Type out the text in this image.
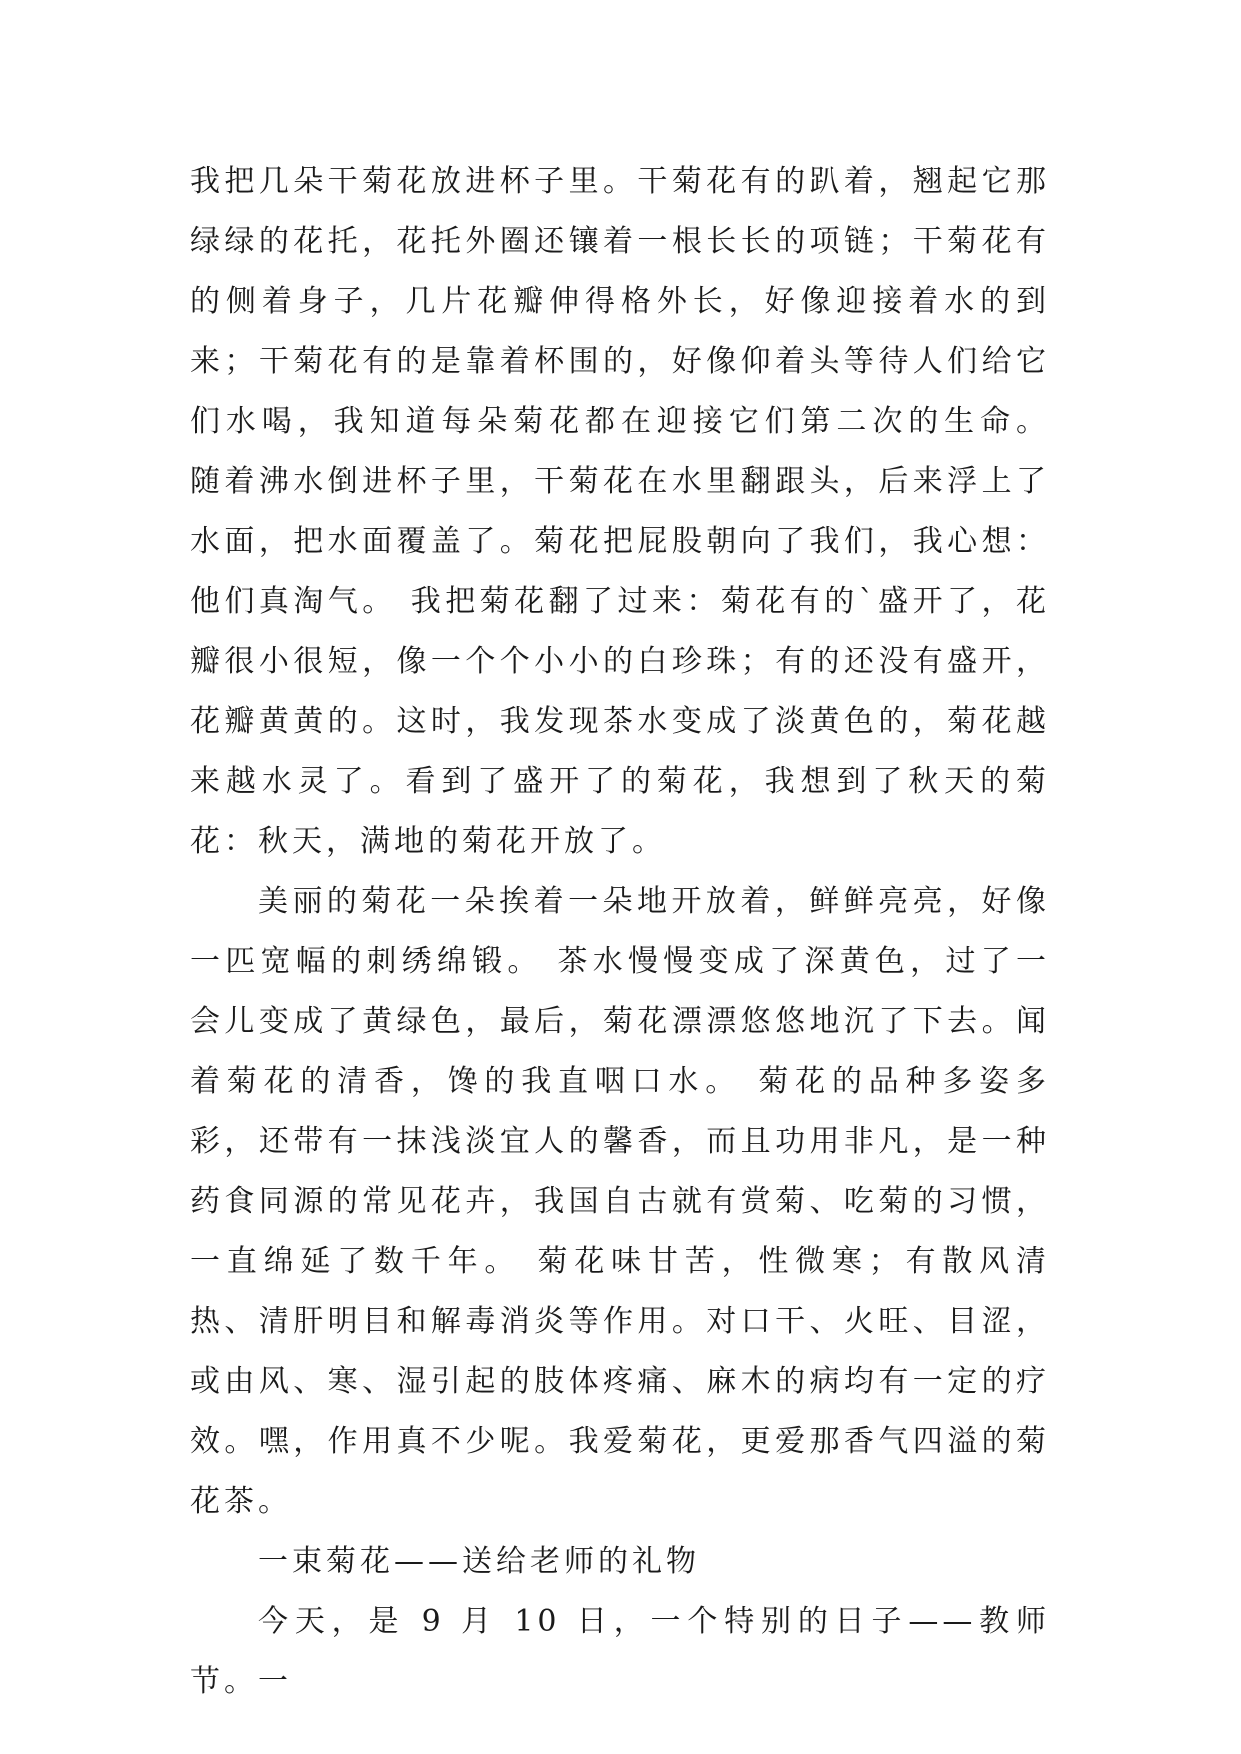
我把几朵干菊花放进杯子里。干菊花有的趴着，翘起它那绿绿的花托，花托外圈还镶着一根长长的项链；干菊花有的侧着身子，几片花瓣伸得格外长，好像迎接着水的到来；干菊花有的是靠着杯围的，好像仰着头等待人们给它们水喝，我知道每朵菊花都在迎接它们第二次的生命。 随着沸水倒进杯子里，干菊花在水里翻跟头，后来浮上了水面，把水面覆盖了。菊花把屁股朝向了我们，我心想：他们真淘气。 我把菊花翻了过来：菊花有的`盛开了，花瓣很小很短，像一个个小小的白珍珠；有的还没有盛开，花瓣黄黄的。这时，我发现茶水变成了淡黄色的，菊花越来越水灵了。看到了盛开了的菊花，我想到了秋天的菊花：秋天，满地的菊花开放了。

美丽的菊花一朵挨着一朵地开放着，鲜鲜亮亮，好像一匹宽幅的刺绣绵锻。 茶水慢慢变成了深黄色，过了一会儿变成了黄绿色，最后，菊花漂漂悠悠地沉了下去。闻着菊花的清香，馋的我直咽口水。 菊花的品种多姿多彩，还带有一抹浅淡宜人的馨香，而且功用非凡，是一种药食同源的常见花卉，我国自古就有赏菊、吃菊的习惯，一直绵延了数千年。 菊花味甘苦，性微寒；有散风清热、清肝明目和解毒消炎等作用。对口干、火旺、目涩，或由风、寒、湿引起的肢体疼痛、麻木的病均有一定的疗效。嘿，作用真不少呢。我爱菊花，更爱那香气四溢的菊花茶。

一束菊花——送给老师的礼物

今天，是 9 月 10 日，一个特别的日子——教师节。一
